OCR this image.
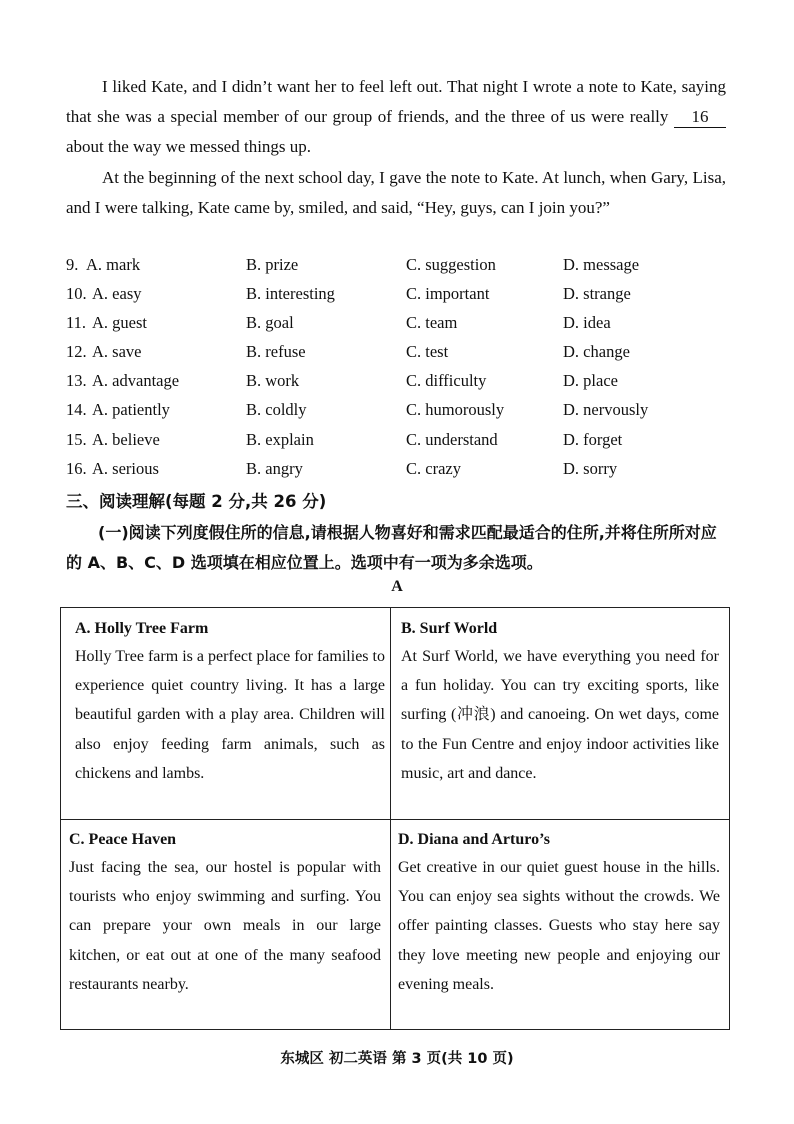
I liked Kate, and I didn’t want her to feel left out. That night I wrote a note to Kate, saying that she was a special member of our group of friends, and the three of us were really 16 about the way we messed things up.
At the beginning of the next school day, I gave the note to Kate. At lunch, when Gary, Lisa, and I were talking, Kate came by, smiled, and said, “Hey, guys, can I join you?”
9. A. mark	B. prize	C. suggestion	D. message
10. A. easy	B. interesting	C. important	D. strange
11. A. guest	B. goal	C. team	D. idea
12. A. save	B. refuse	C. test	D. change
13. A. advantage	B. work	C. difficulty	D. place
14. A. patiently	B. coldly	C. humorously	D. nervously
15. A. believe	B. explain	C. understand	D. forget
16. A. serious	B. angry	C. crazy	D. sorry
三、阅读理解(每题 2 分,共 26 分)
(一)阅读下列度假住所的信息,请根据人物喜好和需求匹配最适合的住所,并将住所所对应的 A、B、C、D 选项填在相应位置上。选项中有一项为多余选项。
A
A. Holly Tree Farm
Holly Tree farm is a perfect place for families to experience quiet country living. It has a large beautiful garden with a play area. Children will also enjoy feeding farm animals, such as chickens and lambs.
B. Surf World
At Surf World, we have everything you need for a fun holiday. You can try exciting sports, like surfing (冲浪) and canoeing. On wet days, come to the Fun Centre and enjoy indoor activities like music, art and dance.
C. Peace Haven
Just facing the sea, our hostel is popular with tourists who enjoy swimming and surfing. You can prepare your own meals in our large kitchen, or eat out at one of the many seafood restaurants nearby.
D. Diana and Arturo’s
Get creative in our quiet guest house in the hills. You can enjoy sea sights without the crowds. We offer painting classes. Guests who stay here say they love meeting new people and enjoying our evening meals.
东城区 初二英语 第 3 页(共 10 页)
